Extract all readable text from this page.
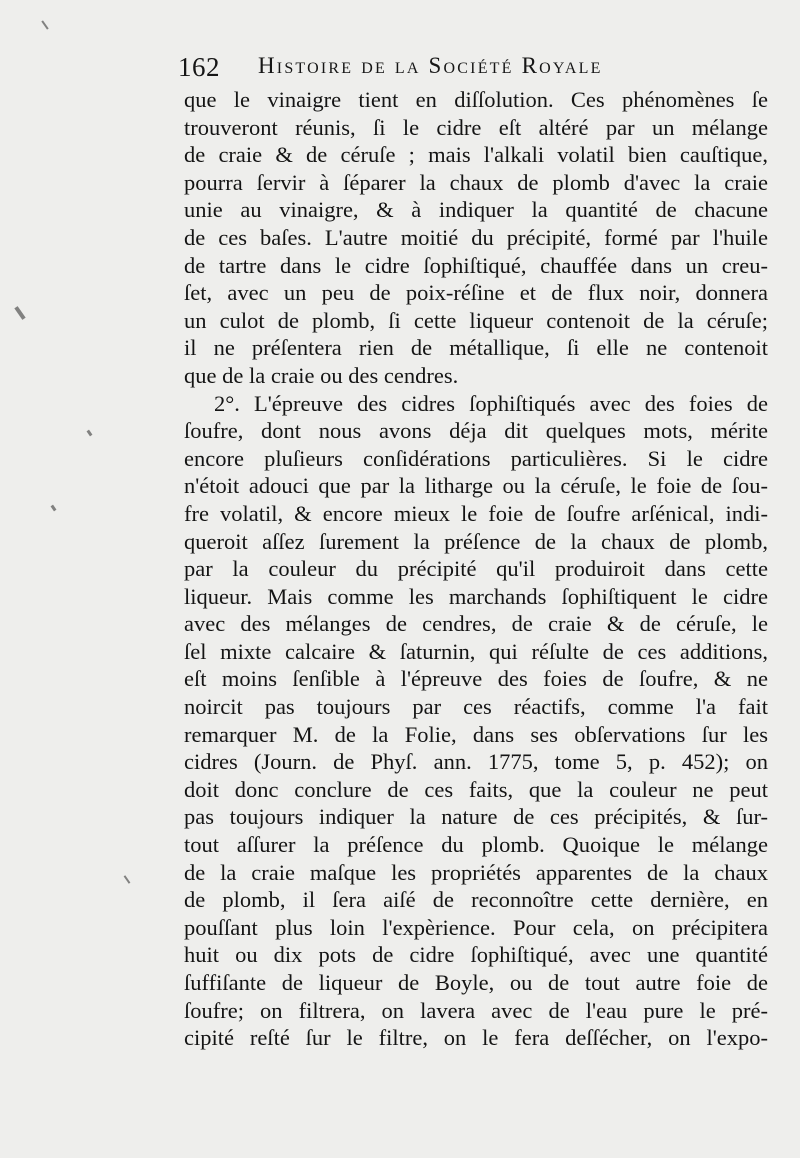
162 Histoire de la Société Royale
que le vinaigre tient en diſſolution. Ces phénomènes ſe
trouveront réunis, ſi le cidre eſt altéré par un mélange
de craie & de céruſe ; mais l'alkali volatil bien cauſtique,
pourra ſervir à ſéparer la chaux de plomb d'avec la craie
unie au vinaigre, & à indiquer la quantité de chacune
de ces baſes. L'autre moitié du précipité, formé par l'huile
de tartre dans le cidre ſophiſtiqué, chauffée dans un creu-
ſet, avec un peu de poix-réſine et de flux noir, donnera
un culot de plomb, ſi cette liqueur contenoit de la céruſe;
il ne préſentera rien de métallique, ſi elle ne contenoit
que de la craie ou des cendres.
2°. L'épreuve des cidres ſophiſtiqués avec des foies de
ſoufre, dont nous avons déja dit quelques mots, mérite
encore pluſieurs conſidérations particulières. Si le cidre
n'étoit adouci que par la litharge ou la céruſe, le foie de ſou-
fre volatil, & encore mieux le foie de ſoufre arſénical, indi-
queroit aſſez ſurement la préſence de la chaux de plomb,
par la couleur du précipité qu'il produiroit dans cette
liqueur. Mais comme les marchands ſophiſtiquent le cidre
avec des mélanges de cendres, de craie & de céruſe, le
ſel mixte calcaire & ſaturnin, qui réſulte de ces additions,
eſt moins ſenſible à l'épreuve des foies de ſoufre, & ne
noircit pas toujours par ces réactifs, comme l'a fait
remarquer M. de la Folie, dans ses obſervations ſur les
cidres (Journ. de Phyſ. ann. 1775, tome 5, p. 452); on
doit donc conclure de ces faits, que la couleur ne peut
pas toujours indiquer la nature de ces précipités, & ſur-
tout aſſurer la préſence du plomb. Quoique le mélange
de la craie maſque les propriétés apparentes de la chaux
de plomb, il ſera aiſé de reconnoître cette dernière, en
pouſſant plus loin l'expèrience. Pour cela, on précipitera
huit ou dix pots de cidre ſophiſtiqué, avec une quantité
ſuffiſante de liqueur de Boyle, ou de tout autre foie de
ſoufre; on filtrera, on lavera avec de l'eau pure le pré-
cipité reſté ſur le filtre, on le fera deſſécher, on l'expo-
